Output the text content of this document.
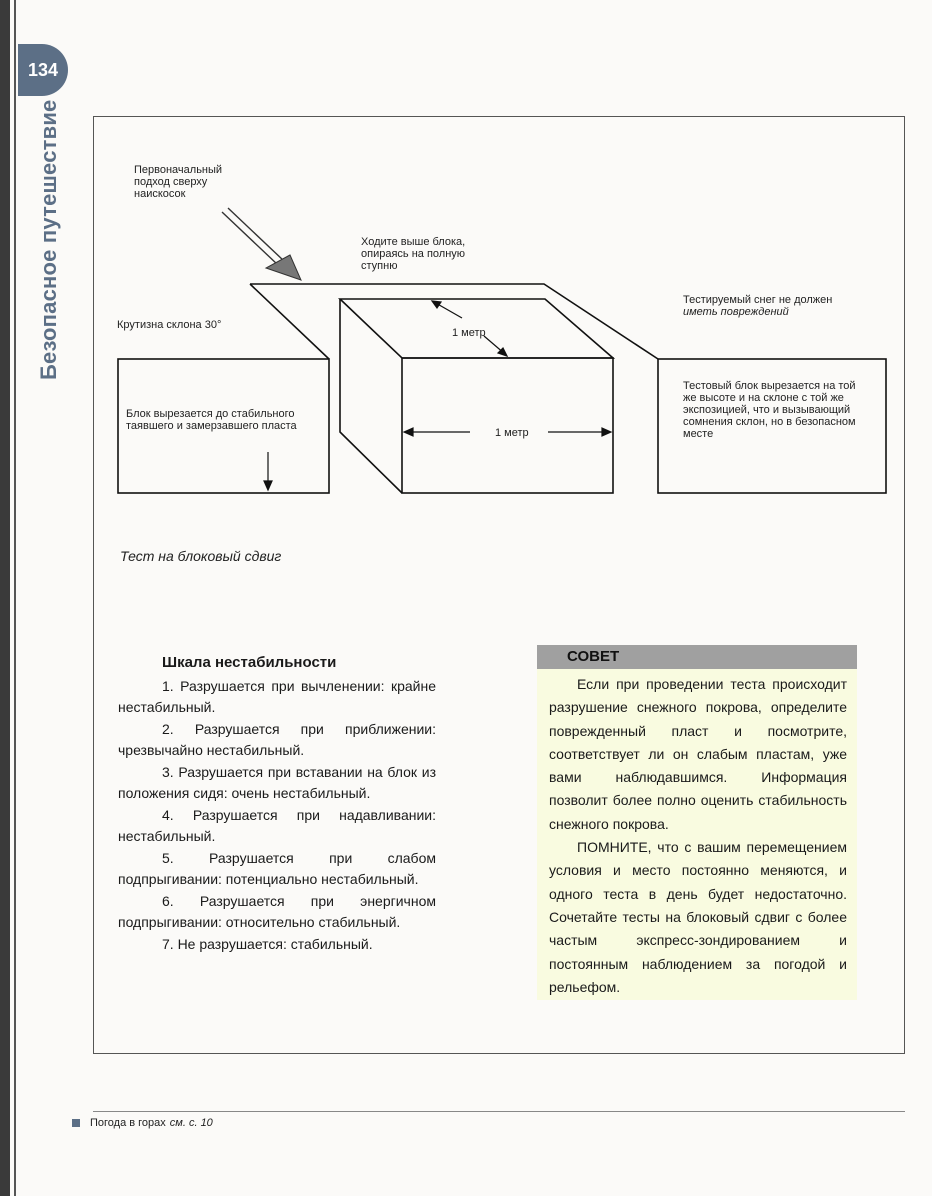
134
Безопасное путешествие	Первоначальный
подход сверху
наискосок
Ходите выше блока,
опираясь на полную
ступню
Крутизна склона 30°
1 метр
1 метр
Тестируемый снег не должен
иметь повреждений
Блок вырезается до стабильного
таявшего и замерзавшего пласта
Тестовый блок вырезается на той
же высоте и на склоне с той же
экспозицией, что и вызывающий
сомнения склон, но в безопасном
месте
Тест на блоковый сдвиг
Шкала нестабильности

1. Разрушается при вычленении: крайне нестабильный.

2. Разрушается при приближении: чрезвычайно нестабильный.

3. Разрушается при вставании на блок из положения сидя: очень нестабильный.

4. Разрушается при надавливании: нестабильный.

5. Разрушается при слабом подпрыгивании: потенциально нестабильный.

6. Разрушается при энергичном подпрыгивании: относительно стабильный.

7. Не разрушается: стабильный.

СОВЕТ

Если при проведении теста происходит разрушение снежного покрова, определите поврежденный пласт и посмотрите, соответствует ли он слабым пластам, уже вами наблюдавшимся. Информация позволит более полно оценить стабильность снежного покрова.

ПОМНИТЕ, что с вашим перемещением условия и место постоянно меняются, и одного теста в день будет недостаточно. Сочетайте тесты на блоковый сдвиг с более частым экспресс-зондированием и постоянным наблюдением за погодой и рельефом.

Погода в горах см. с. 10
